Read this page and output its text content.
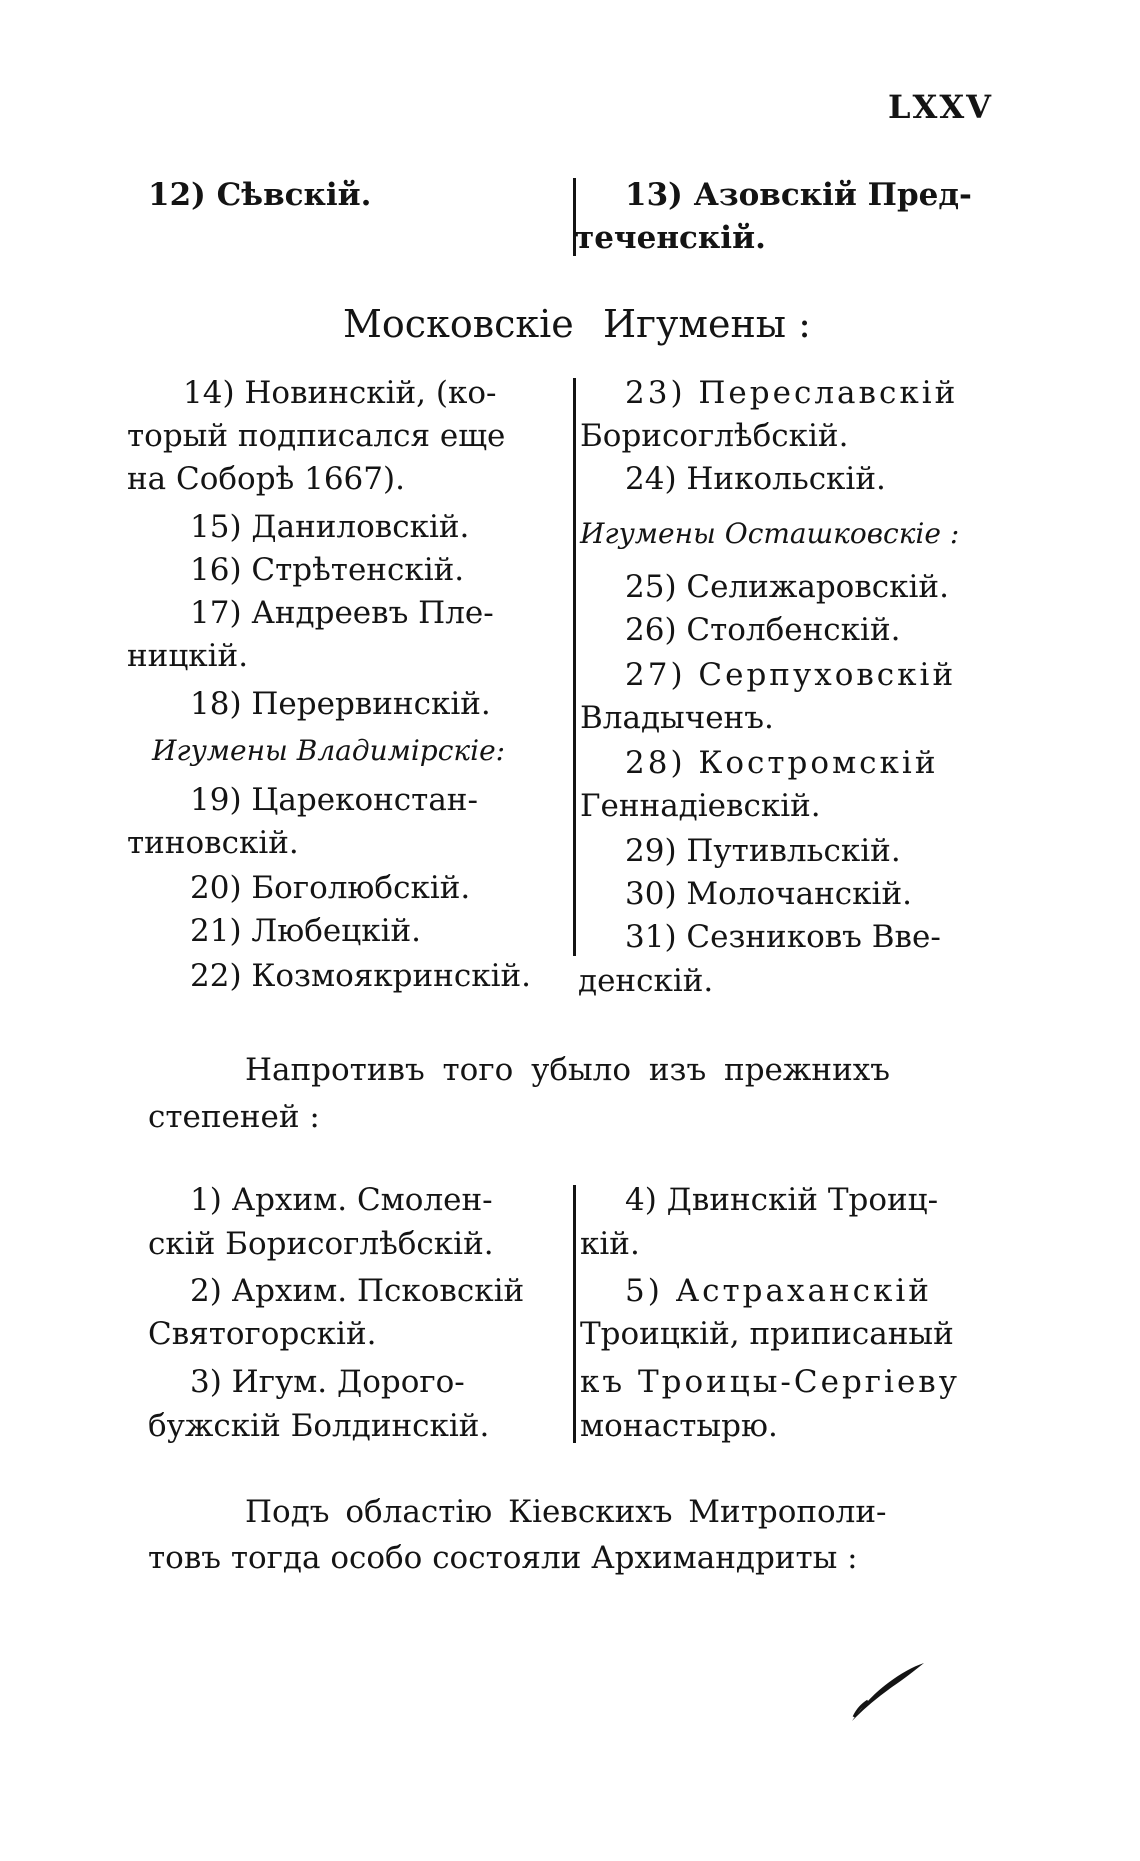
LXXV
12) Сѣвскій.	13) Азовскій Пред-
теченскій.
Московскіе Игумены :
14) Новинскій, (ко-
торый подписался еще
на Соборѣ 1667).
15) Даниловскій.
16) Стрѣтенскій.
17) Андреевъ Пле-
ницкій.
18) Перервинскій.
Игумены Владимірскіе:
19) Цареконстан-
тиновскій.
20) Боголюбскій.
21) Любецкій.
22) Козмоякринскій.
23) Переславскій
Борисоглѣбскій.
24) Никольскій.
Игумены Осташковскіе :
25) Селижаровскій.
26) Столбенскій.
27) Серпуховскій
Владыченъ.
28) Костромскій
Геннадіевскій.
29) Путивльскій.
30) Молочанскій.
31) Сезниковъ Вве-
денскій.
Напротивъ того убыло изъ прежнихъ
степеней :
1) Архим. Смолен-
скій Борисоглѣбскій.
2) Архим. Псковскій
Святогорскій.
3) Игум. Дорого-
бужскій Болдинскій.
4) Двинскій Троиц-
кій.
5) Астраханскій
Троицкій, приписаный
къ Троицы-Сергіеву
монастырю.
Подъ областію Кіевскихъ Митрополи-
товъ тогда особо состояли Архимандриты :
